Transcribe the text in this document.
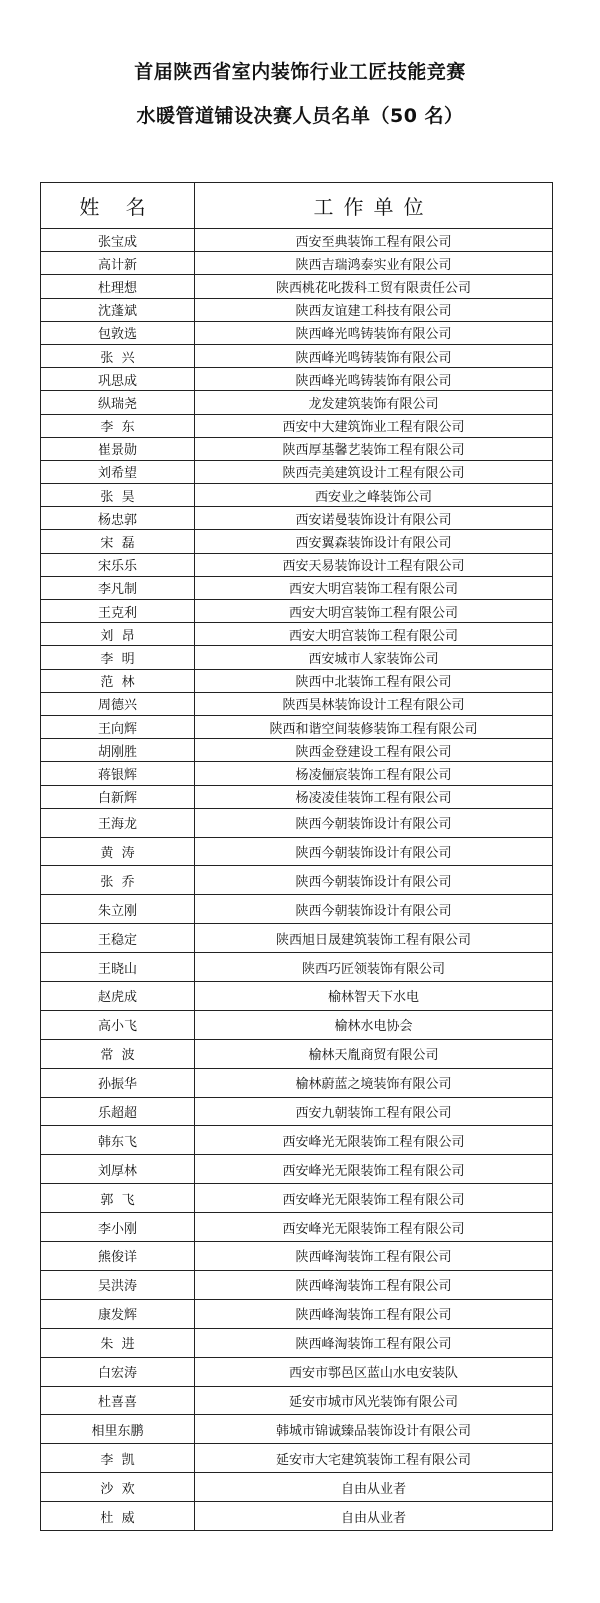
首届陕西省室内装饰行业工匠技能竞赛
水暖管道铺设决赛人员名单（50 名）
姓 名	工作单位
张宝成	西安至典装饰工程有限公司
高计新	陕西吉瑞鸿泰实业有限公司
杜理想	陕西桃花叱拨科工贸有限责任公司
沈蓬斌	陕西友谊建工科技有限公司
包敦选	陕西峰光鸣铸装饰有限公司
张  兴	陕西峰光鸣铸装饰有限公司
巩思成	陕西峰光鸣铸装饰有限公司
纵瑞尧	龙发建筑装饰有限公司
李  东	西安中大建筑饰业工程有限公司
崔景勋	陕西厚基馨艺装饰工程有限公司
刘希望	陕西壳美建筑设计工程有限公司
张  昊	西安业之峰装饰公司
杨忠郭	西安诺曼装饰设计有限公司
宋  磊	西安翼森装饰设计有限公司
宋乐乐	西安天易装饰设计工程有限公司
李凡制	西安大明宫装饰工程有限公司
王克利	西安大明宫装饰工程有限公司
刘  昂	西安大明宫装饰工程有限公司
李  明	西安城市人家装饰公司
范  林	陕西中北装饰工程有限公司
周德兴	陕西昊林装饰设计工程有限公司
王向辉	陕西和谐空间装修装饰工程有限公司
胡刚胜	陕西金登建设工程有限公司
蒋银辉	杨凌俪宸装饰工程有限公司
白新辉	杨凌凌佳装饰工程有限公司
王海龙	陕西今朝装饰设计有限公司
黄  涛	陕西今朝装饰设计有限公司
张  乔	陕西今朝装饰设计有限公司
朱立刚	陕西今朝装饰设计有限公司
王稳定	陕西旭日晟建筑装饰工程有限公司
王晓山	陕西巧匠领装饰有限公司
赵虎成	榆林智天下水电
高小飞	榆林水电协会
常  波	榆林天胤商贸有限公司
孙振华	榆林蔚蓝之境装饰有限公司
乐超超	西安九朝装饰工程有限公司
韩东飞	西安峰光无限装饰工程有限公司
刘厚林	西安峰光无限装饰工程有限公司
郭  飞	西安峰光无限装饰工程有限公司
李小刚	西安峰光无限装饰工程有限公司
熊俊详	陕西峰淘装饰工程有限公司
吴洪涛	陕西峰淘装饰工程有限公司
康发辉	陕西峰淘装饰工程有限公司
朱  进	陕西峰淘装饰工程有限公司
白宏涛	西安市鄠邑区蓝山水电安装队
杜喜喜	延安市城市风光装饰有限公司
相里东鹏	韩城市锦诚臻品装饰设计有限公司
李  凯	延安市大宅建筑装饰工程有限公司
沙  欢	自由从业者
杜  威	自由从业者
